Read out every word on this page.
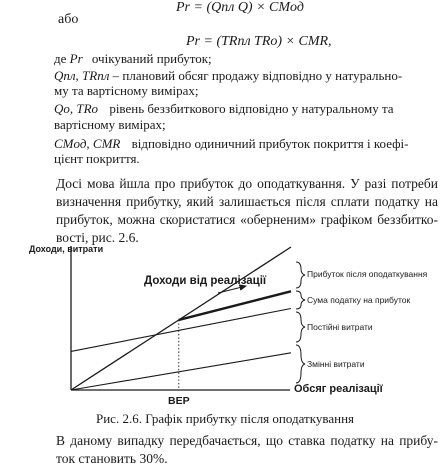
Pr = (Qпл Q) × CMод
або
Pr = (TRпл TRo) × CMR,
де Pr очікуваний прибуток;
Qпл, TRпл – плановий обсяг продажу відповідно у натурально-
му та вартісному вимірах;
Qo, TRo рівень беззбиткового відповідно у натуральному та
вартісному вимірах;
CMод, CMR відповідно одиничний прибуток покриття і коефі-
цієнт покриття.
Досі мова йшла про прибуток до оподаткування. У разі потреби
визначення прибутку, який залишається після сплати податку на
прибуток, можна скористатися «оберненим» графіком беззбитко-
вості, рис. 2.6.
Доходи, витрати
Доходи від реалізації
BEP
Обсяг реалізації
Прибуток після оподаткування
Сума податку на прибуток
Постійні витрати
Змінні витрати
Рис. 2.6. Графік прибутку після оподаткування
В даному випадку передбачається, що ставка податку на прибу-
ток становить 30%.
